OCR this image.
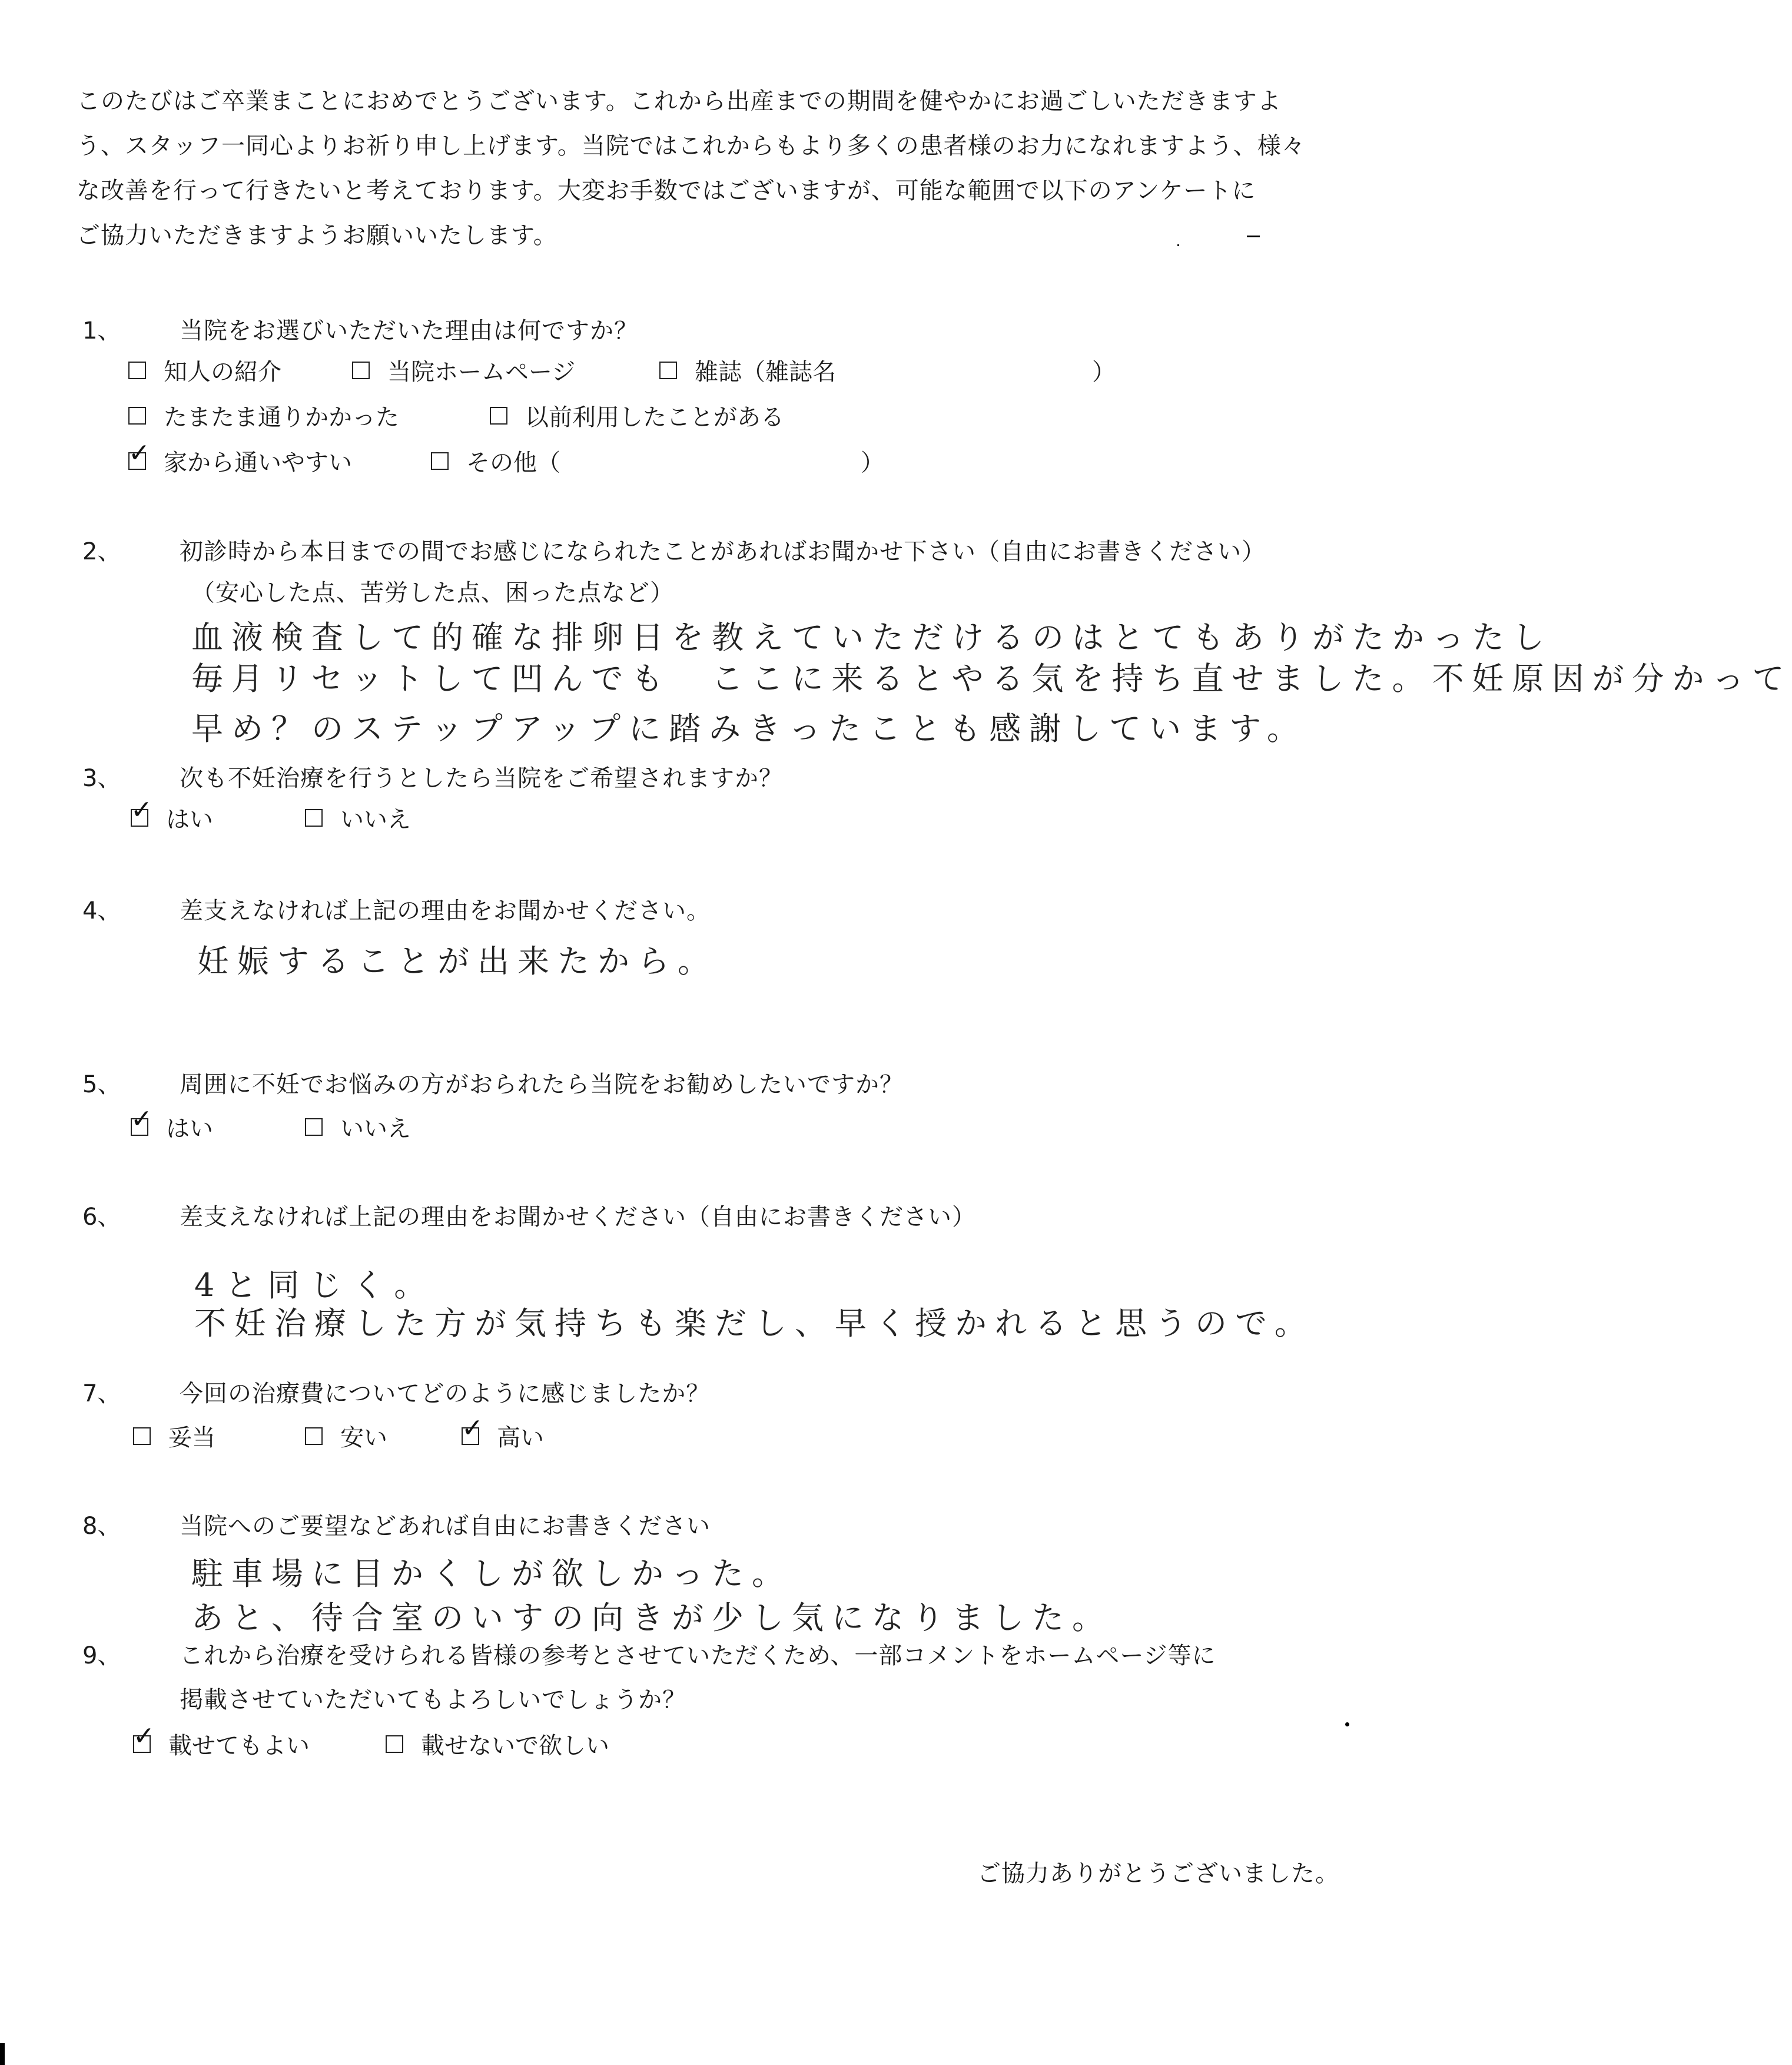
このたびはご卒業まことにおめでとうございます。これから出産までの期間を健やかにお過ごしいただきますよ
う、スタッフ一同心よりお祈り申し上げます。当院ではこれからもより多くの患者様のお力になれますよう、様々
な改善を行って行きたいと考えております。大変お手数ではございますが、可能な範囲で以下のアンケートに
ご協力いただきますようお願いいたします。
1、 当院をお選びいただいた理由は何ですか？
知人の紹介	当院ホームページ	雑誌（雑誌名	）
たまたま通りかかった	以前利用したことがある
✓ 家から通いやすい	その他（	）
2、 初診時から本日までの間でお感じになられたことがあればお聞かせ下さい（自由にお書きください）
（安心した点、苦労した点、困った点など）
血液検査して的確な排卵日を教えていただけるのはとてもありがたかったし
毎月リセットして凹んでも　ここに来るとやる気を持ち直せました。不妊原因が分かって
早め？のステップアップに踏みきったことも感謝しています。
3、 次も不妊治療を行うとしたら当院をご希望されますか？
✓ はい	いいえ
4、 差支えなければ上記の理由をお聞かせください。
妊娠することが出来たから。
5、 周囲に不妊でお悩みの方がおられたら当院をお勧めしたいですか？
✓ はい	いいえ
6、 差支えなければ上記の理由をお聞かせください（自由にお書きください）
4と同じく。
不妊治療した方が気持ちも楽だし、早く授かれると思うので。
7、 今回の治療費についてどのように感じましたか？
妥当	安い	✓ 高い
8、 当院へのご要望などあれば自由にお書きください
駐車場に目かくしが欲しかった。
あと、待合室のいすの向きが少し気になりました。
9、 これから治療を受けられる皆様の参考とさせていただくため、一部コメントをホームページ等に
掲載させていただいてもよろしいでしょうか？
✓ 載せてもよい	載せないで欲しい
ご協力ありがとうございました。
